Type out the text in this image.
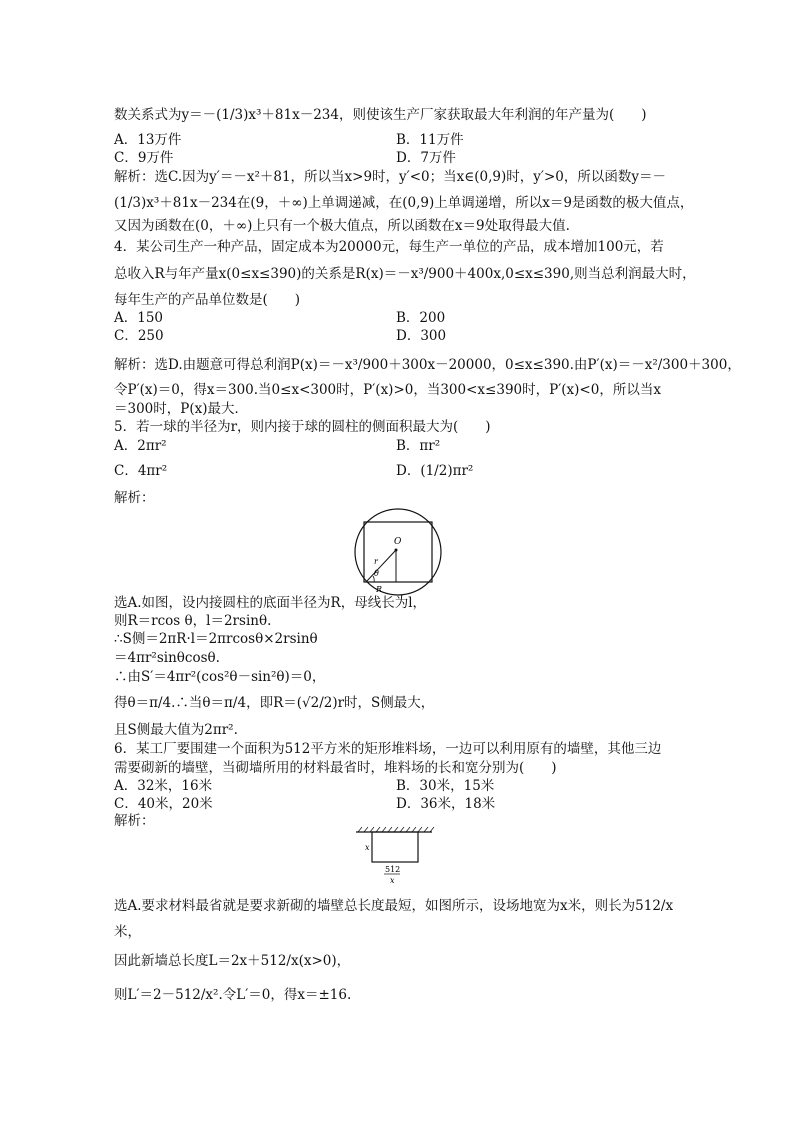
数关系式为y＝－(1/3)x³＋81x－234，则使该生产厂家获取最大年利润的年产量为(　　)
A．13万件	B．11万件
C．9万件	D．7万件
解析：选C.因为y′＝－x²＋81，所以当x>9时，y′<0；当x∈(0,9)时，y′>0，所以函数y＝－
(1/3)x³＋81x－234在(9，＋∞)上单调递减，在(0,9)上单调递增，所以x＝9是函数的极大值点，
又因为函数在(0，＋∞)上只有一个极大值点，所以函数在x＝9处取得最大值.
4．某公司生产一种产品，固定成本为20000元，每生产一单位的产品，成本增加100元，若
总收入R与年产量x(0≤x≤390)的关系是R(x)＝－x³/900＋400x,0≤x≤390,则当总利润最大时，
每年生产的产品单位数是(　　)
A．150	B．200
C．250	D．300
解析：选D.由题意可得总利润P(x)＝－x³/900＋300x－20000，0≤x≤390.由P′(x)＝－x²/300＋300，
令P′(x)＝0，得x＝300.当0≤x<300时，P′(x)>0，当300<x≤390时，P′(x)<0，所以当x
＝300时，P(x)最大．
5．若一球的半径为r，则内接于球的圆柱的侧面积最大为(　　)
A．2πr²	B．πr²
C．4πr²	D．(1/2)πr²
解析：
O
r
θ
R
选A.如图，设内接圆柱的底面半径为R，母线长为l，
则R＝rcos θ，l＝2rsinθ.
∴S侧＝2πR·l＝2πrcosθ×2rsinθ
＝4πr²sinθcosθ.
∴由S′＝4πr²(cos²θ－sin²θ)＝0，
得θ＝π/4.∴当θ＝π/4，即R＝(√2/2)r时，S侧最大，
且S侧最大值为2πr².
6．某工厂要围建一个面积为512平方米的矩形堆料场，一边可以利用原有的墙壁，其他三边
需要砌新的墙壁，当砌墙所用的材料最省时，堆料场的长和宽分别为(　　)
A．32米，16米	B．30米，15米
C．40米，20米	D．36米，18米
解析：
x
512
x
选A.要求材料最省就是要求新砌的墙壁总长度最短，如图所示，设场地宽为x米，则长为512/x
米，
因此新墙总长度L＝2x＋512/x(x>0)，
则L′＝2－512/x².令L′＝0，得x＝±16.
